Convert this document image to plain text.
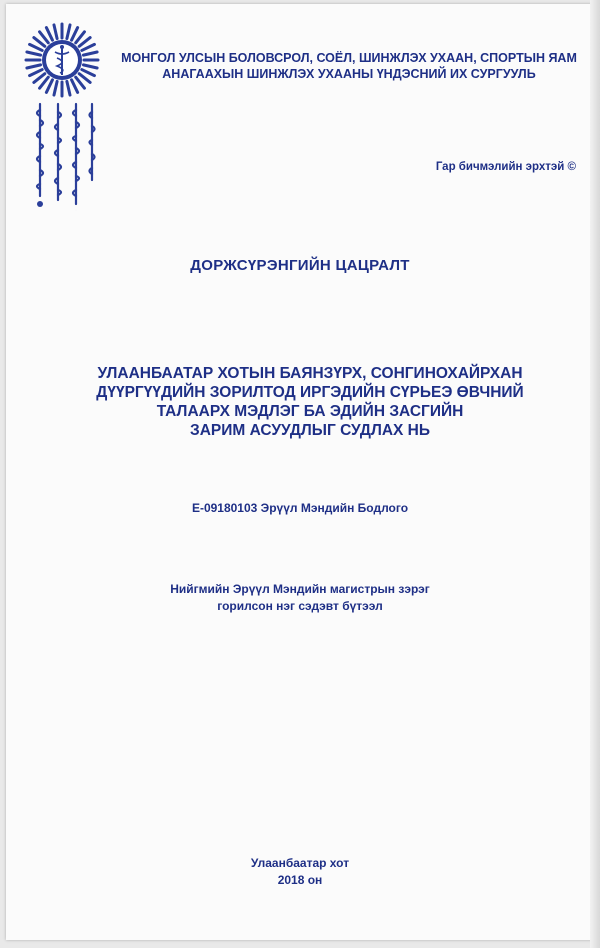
МОНГОЛ УЛСЫН БОЛОВСРОЛ, СОЁЛ, ШИНЖЛЭХ УХААН, СПОРТЫН ЯАМ
АНАГААХЫН ШИНЖЛЭХ УХААНЫ ҮНДЭСНИЙ ИХ СУРГУУЛЬ
Гар бичмэлийн эрхтэй ©
ДОРЖСҮРЭНГИЙН ЦАЦРАЛТ
УЛААНБААТАР ХОТЫН БАЯНЗҮРХ, СОНГИНОХАЙРХАН
ДҮҮРГҮҮДИЙН ЗОРИЛТОД ИРГЭДИЙН СҮРЬЕЭ ӨВЧНИЙ
ТАЛААРХ МЭДЛЭГ БА ЭДИЙН ЗАСГИЙН
ЗАРИМ АСУУДЛЫГ СУДЛАХ НЬ
Е-09180103 Эрүүл Мэндийн Бодлого
Нийгмийн Эрүүл Мэндийн магистрын зэрэг
горилсон нэг сэдэвт бүтээл
Улаанбаатар хот
2018 он
